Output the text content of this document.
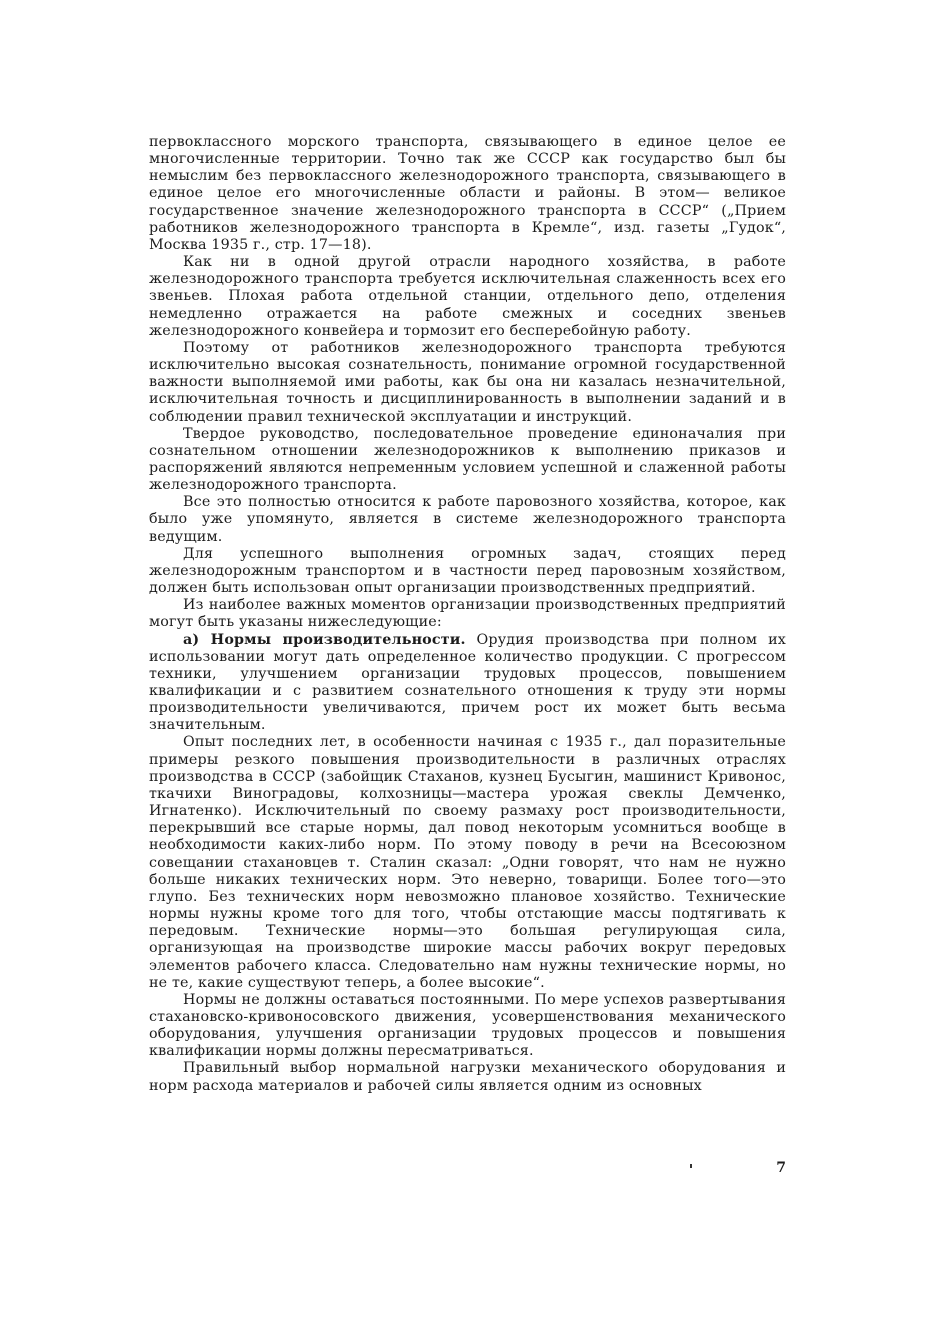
первоклассного морского транспорта, связывающего в единое целое ее многочисленные территории. Точно так же СССР как государство был бы немыслим без первоклассного железнодорожного транспорта, связывающего в единое целое его многочисленные области и районы. В этом— великое государственное значение железнодорожного транспорта в СССР“ („Прием работников железнодорожного транспорта в Кремле“, изд. газеты „Гудок“, Москва 1935 г., стр. 17—18).

Как ни в одной другой отрасли народного хозяйства, в работе железнодорожного транспорта требуется исключительная слаженность всех его звеньев. Плохая работа отдельной станции, отдельного депо, отделения немедленно отражается на работе смежных и соседних звеньев железнодорожного конвейера и тормозит его бесперебойную работу.

Поэтому от работников железнодорожного транспорта требуются исключительно высокая сознательность, понимание огромной государственной важности выполняемой ими работы, как бы она ни казалась незначительной, исключительная точность и дисциплинированность в выполнении заданий и в соблюдении правил технической эксплуатации и инструкций.

Твердое руководство, последовательное проведение единоначалия при сознательном отношении железнодорожников к выполнению приказов и распоряжений являются непременным условием успешной и слаженной работы железнодорожного транспорта.

Все это полностью относится к работе паровозного хозяйства, которое, как было уже упомянуто, является в системе железнодорожного транспорта ведущим.

Для успешного выполнения огромных задач, стоящих перед железнодорожным транспортом и в частности перед паровозным хозяйством, должен быть использован опыт организации производственных предприятий.

Из наиболее важных моментов организации производственных предприятий могут быть указаны нижеследующие:

а) Нормы производительности. Орудия производства при полном их использовании могут дать определенное количество продукции. С прогрессом техники, улучшением организации трудовых процессов, повышением квалификации и с развитием сознательного отношения к труду эти нормы производительности увеличиваются, причем рост их может быть весьма значительным.

Опыт последних лет, в особенности начиная с 1935 г., дал поразительные примеры резкого повышения производительности в различных отраслях производства в СССР (забойщик Стаханов, кузнец Бусыгин, машинист Кривонос, ткачихи Виноградовы, колхозницы—мастера урожая свеклы Демченко, Игнатенко). Исключительный по своему размаху рост производительности, перекрывший все старые нормы, дал повод некоторым усомниться вообще в необходимости каких-либо норм. По этому поводу в речи на Всесоюзном совещании стахановцев т. Сталин сказал: „Одни говорят, что нам не нужно больше никаких технических норм. Это неверно, товарищи. Более того—это глупо. Без технических норм невозможно плановое хозяйство. Технические нормы нужны кроме того для того, чтобы отстающие массы подтягивать к передовым. Технические нормы—это большая регулирующая сила, организующая на производстве широкие массы рабочих вокруг передовых элементов рабочего класса. Следовательно нам нужны технические нормы, но не те, какие существуют теперь, а более высокие“.

Нормы не должны оставаться постоянными. По мере успехов развертывания стахановско-кривоносовского движения, усовершенствования механического оборудования, улучшения организации трудовых процессов и повышения квалификации нормы должны пересматриваться.

Правильный выбор нормальной нагрузки механического оборудования и норм расхода материалов и рабочей силы является одним из основных

7
